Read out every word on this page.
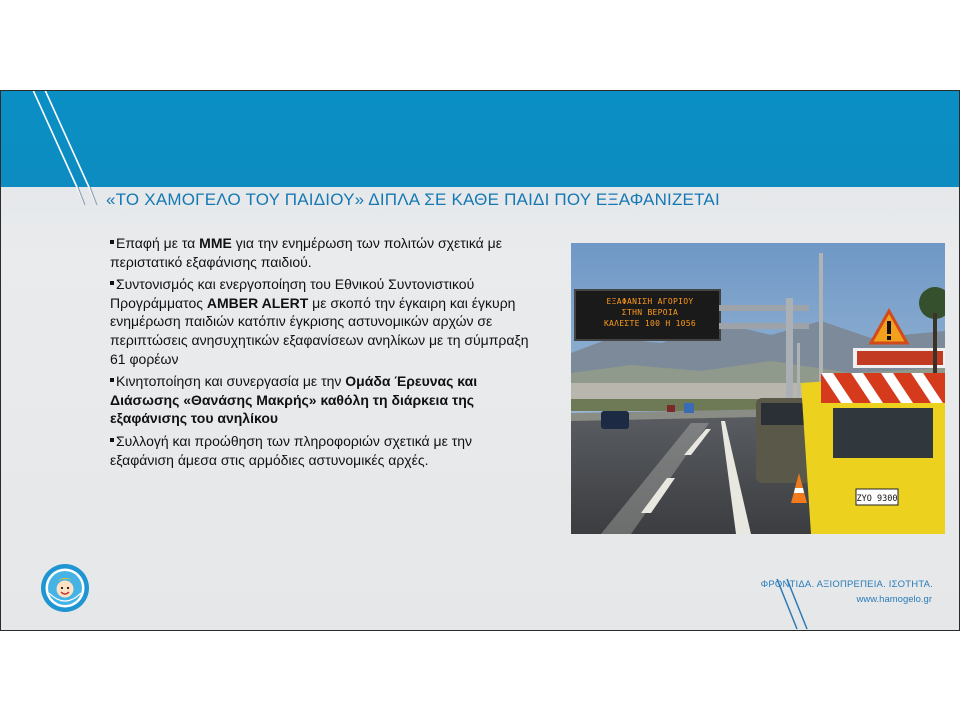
«ΤΟ ΧΑΜΟΓΕΛΟ ΤΟΥ ΠΑΙΔΙΟΥ» ΔΙΠΛΑ ΣΕ ΚΑΘΕ ΠΑΙΔΙ ΠΟΥ ΕΞΑΦΑΝΙΖΕΤΑΙ
Επαφή με τα ΜΜΕ για την ενημέρωση των πολιτών σχετικά με περιστατικό εξαφάνισης παιδιού.
Συντονισμός και ενεργοποίηση του Εθνικού Συντονιστικού Προγράμματος AMBER ALERT με σκοπό την έγκαιρη και έγκυρη ενημέρωση παιδιών κατόπιν έγκρισης αστυνομικών αρχών σε περιπτώσεις ανησυχητικών εξαφανίσεων ανηλίκων με τη σύμπραξη 61 φορέων
Κινητοποίηση και συνεργασία με την Ομάδα Έρευνας και Διάσωσης «Θανάσης Μακρής» καθόλη τη διάρκεια της εξαφάνισης του ανηλίκου
Συλλογή και προώθηση των πληροφοριών σχετικά με την εξαφάνιση άμεσα στις αρμόδιες αστυνομικές αρχές.
ΖΥΟ 9300
ΕΞΑΦΑΝΙΣΗ ΑΓΟΡΙΟΥ
ΣΤΗΝ ΒΕΡΟΙΑ
ΚΑΛΕΣΤΕ 100 Η 1056
ΦΡΟΝΤΙΔΑ. ΑΞΙΟΠΡΕΠΕΙΑ. ΙΣΟΤΗΤΑ.
www.hamogelo.gr
